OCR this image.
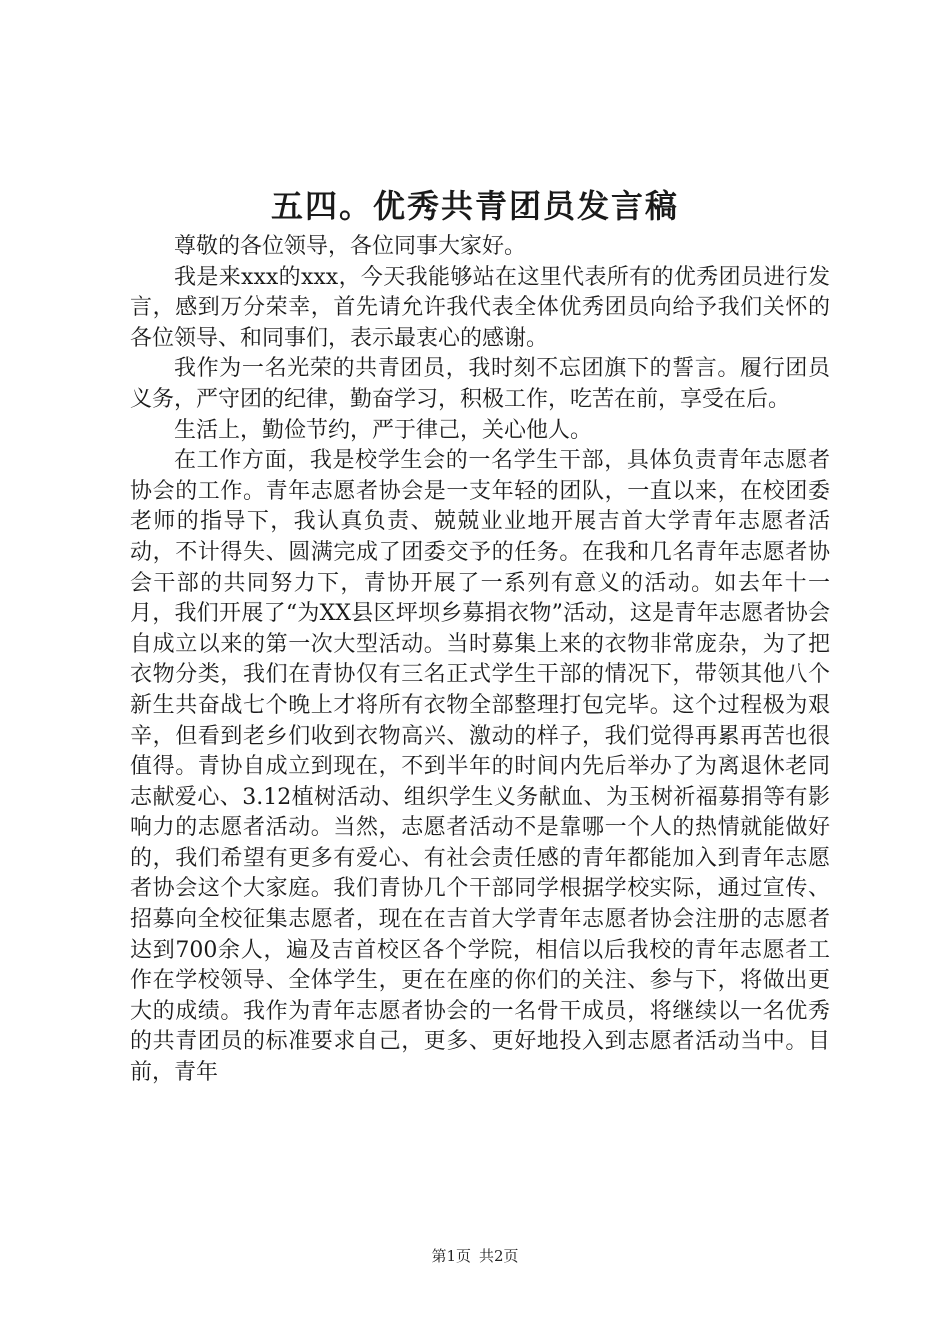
五四。优秀共青团员发言稿

尊敬的各位领导，各位同事大家好。

我是来xxx的xxx，今天我能够站在这里代表所有的优秀团员进行发言，感到万分荣幸，首先请允许我代表全体优秀团员向给予我们关怀的各位领导、和同事们，表示最衷心的感谢。

我作为一名光荣的共青团员，我时刻不忘团旗下的誓言。履行团员义务，严守团的纪律，勤奋学习，积极工作，吃苦在前，享受在后。

生活上，勤俭节约，严于律己，关心他人。

在工作方面，我是校学生会的一名学生干部，具体负责青年志愿者协会的工作。青年志愿者协会是一支年轻的团队，一直以来，在校团委老师的指导下，我认真负责、兢兢业业地开展吉首大学青年志愿者活动，不计得失、圆满完成了团委交予的任务。在我和几名青年志愿者协会干部的共同努力下，青协开展了一系列有意义的活动。如去年十一月，我们开展了“为XX县区坪坝乡募捐衣物”活动，这是青年志愿者协会自成立以来的第一次大型活动。当时募集上来的衣物非常庞杂，为了把衣物分类，我们在青协仅有三名正式学生干部的情况下，带领其他八个新生共奋战七个晚上才将所有衣物全部整理打包完毕。这个过程极为艰辛，但看到老乡们收到衣物高兴、激动的样子，我们觉得再累再苦也很值得。青协自成立到现在，不到半年的时间内先后举办了为离退休老同志献爱心、3.12植树活动、组织学生义务献血、为玉树祈福募捐等有影响力的志愿者活动。当然，志愿者活动不是靠哪一个人的热情就能做好的，我们希望有更多有爱心、有社会责任感的青年都能加入到青年志愿者协会这个大家庭。我们青协几个干部同学根据学校实际，通过宣传、招募向全校征集志愿者，现在在吉首大学青年志愿者协会注册的志愿者达到700余人，遍及吉首校区各个学院，相信以后我校的青年志愿者工作在学校领导、全体学生，更在在座的你们的关注、参与下，将做出更大的成绩。我作为青年志愿者协会的一名骨干成员，将继续以一名优秀的共青团员的标准要求自己，更多、更好地投入到志愿者活动当中。目前，青年

第1页 共2页
